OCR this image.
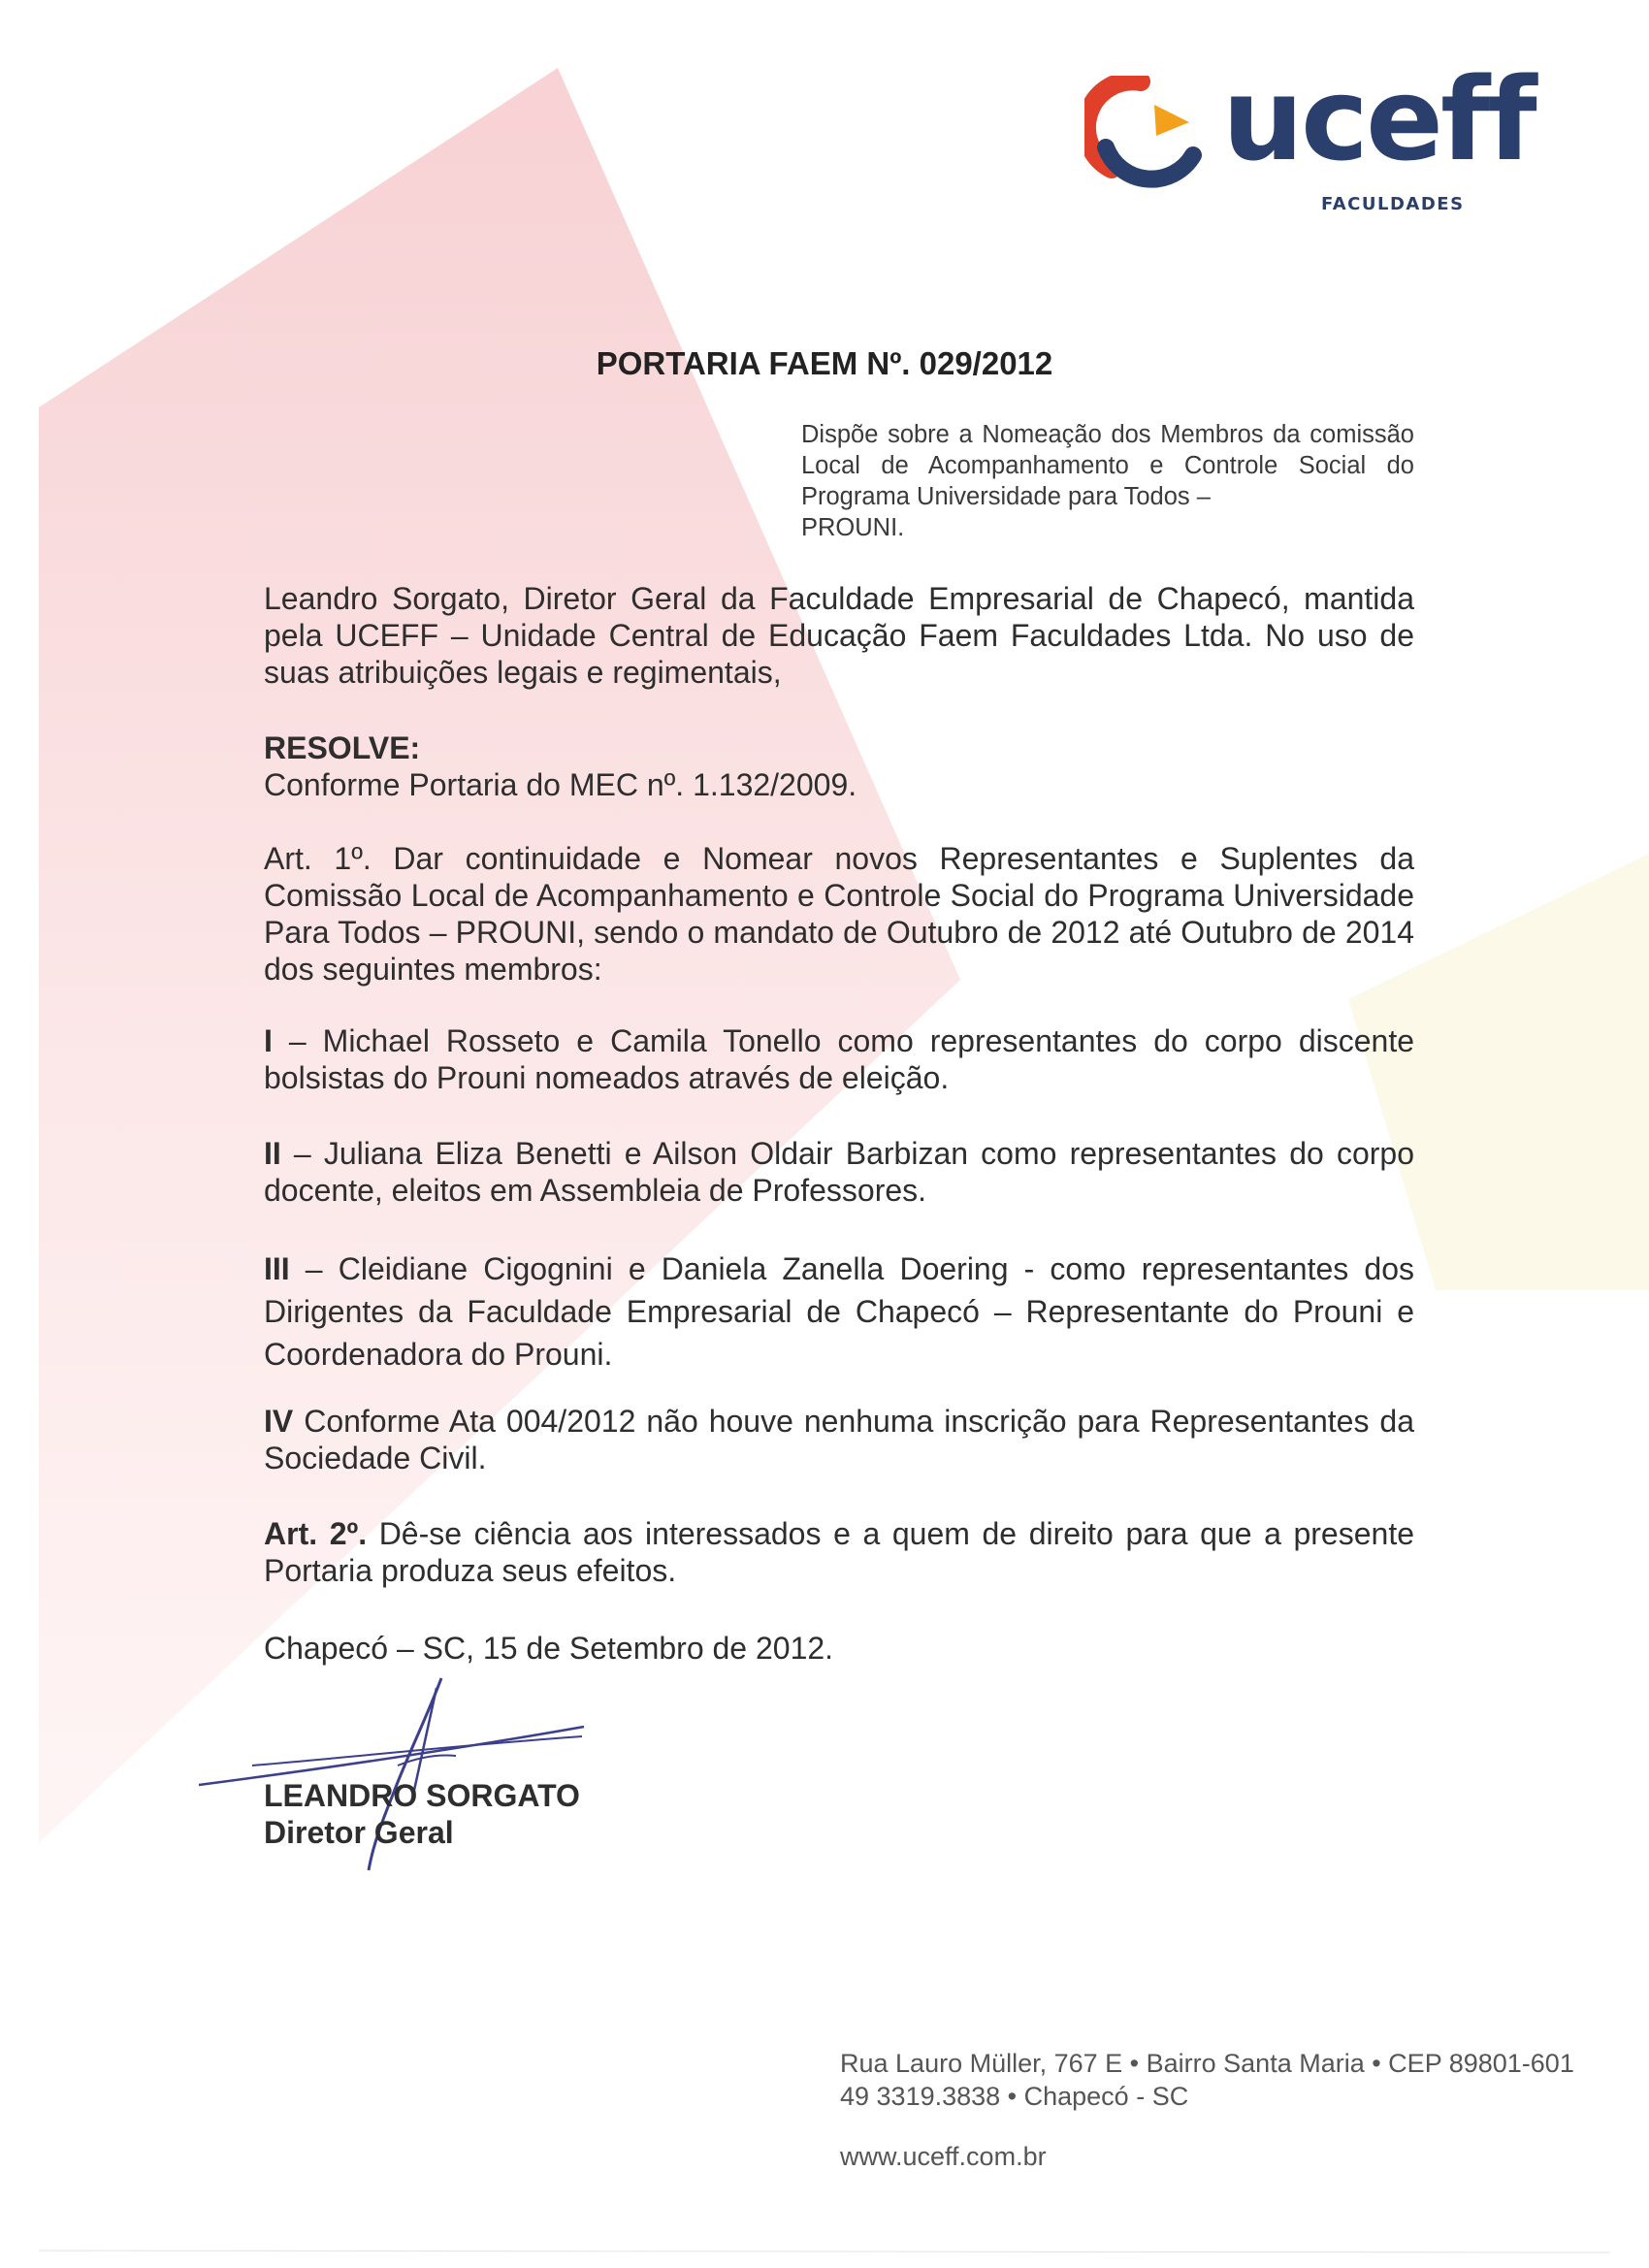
uceff
FACULDADES
PORTARIA FAEM Nº. 029/2012
Dispõe sobre a Nomeação dos Membros da comissão Local de Acompanhamento e Controle Social do Programa Universidade para Todos –
PROUNI.

Leandro Sorgato, Diretor Geral da Faculdade Empresarial de Chapecó, mantida pela UCEFF – Unidade Central de Educação Faem Faculdades Ltda. No uso de suas atribuições legais e regimentais,

RESOLVE:

Conforme Portaria do MEC nº. 1.132/2009.

Art. 1º. Dar continuidade e Nomear novos Representantes e Suplentes da Comissão Local de Acompanhamento e Controle Social do Programa Universidade Para Todos – PROUNI, sendo o mandato de Outubro de 2012 até Outubro de 2014 dos seguintes membros:

I – Michael Rosseto e Camila Tonello como representantes do corpo discente bolsistas do Prouni nomeados através de eleição.

II – Juliana Eliza Benetti e Ailson Oldair Barbizan como representantes do corpo docente, eleitos em Assembleia de Professores.

III – Cleidiane Cigognini e Daniela Zanella Doering - como representantes dos Dirigentes da Faculdade Empresarial de Chapecó – Representante do Prouni e Coordenadora do Prouni.

IV Conforme Ata 004/2012 não houve nenhuma inscrição para Representantes da Sociedade Civil.

Art. 2º. Dê-se ciência aos interessados e a quem de direito para que a presente Portaria produza seus efeitos.

Chapecó – SC, 15 de Setembro de 2012.

LEANDRO SORGATO
Diretor Geral
Rua Lauro Müller, 767 E • Bairro Santa Maria • CEP 89801-601
49 3319.3838 • Chapecó - SC
www.uceff.com.br
